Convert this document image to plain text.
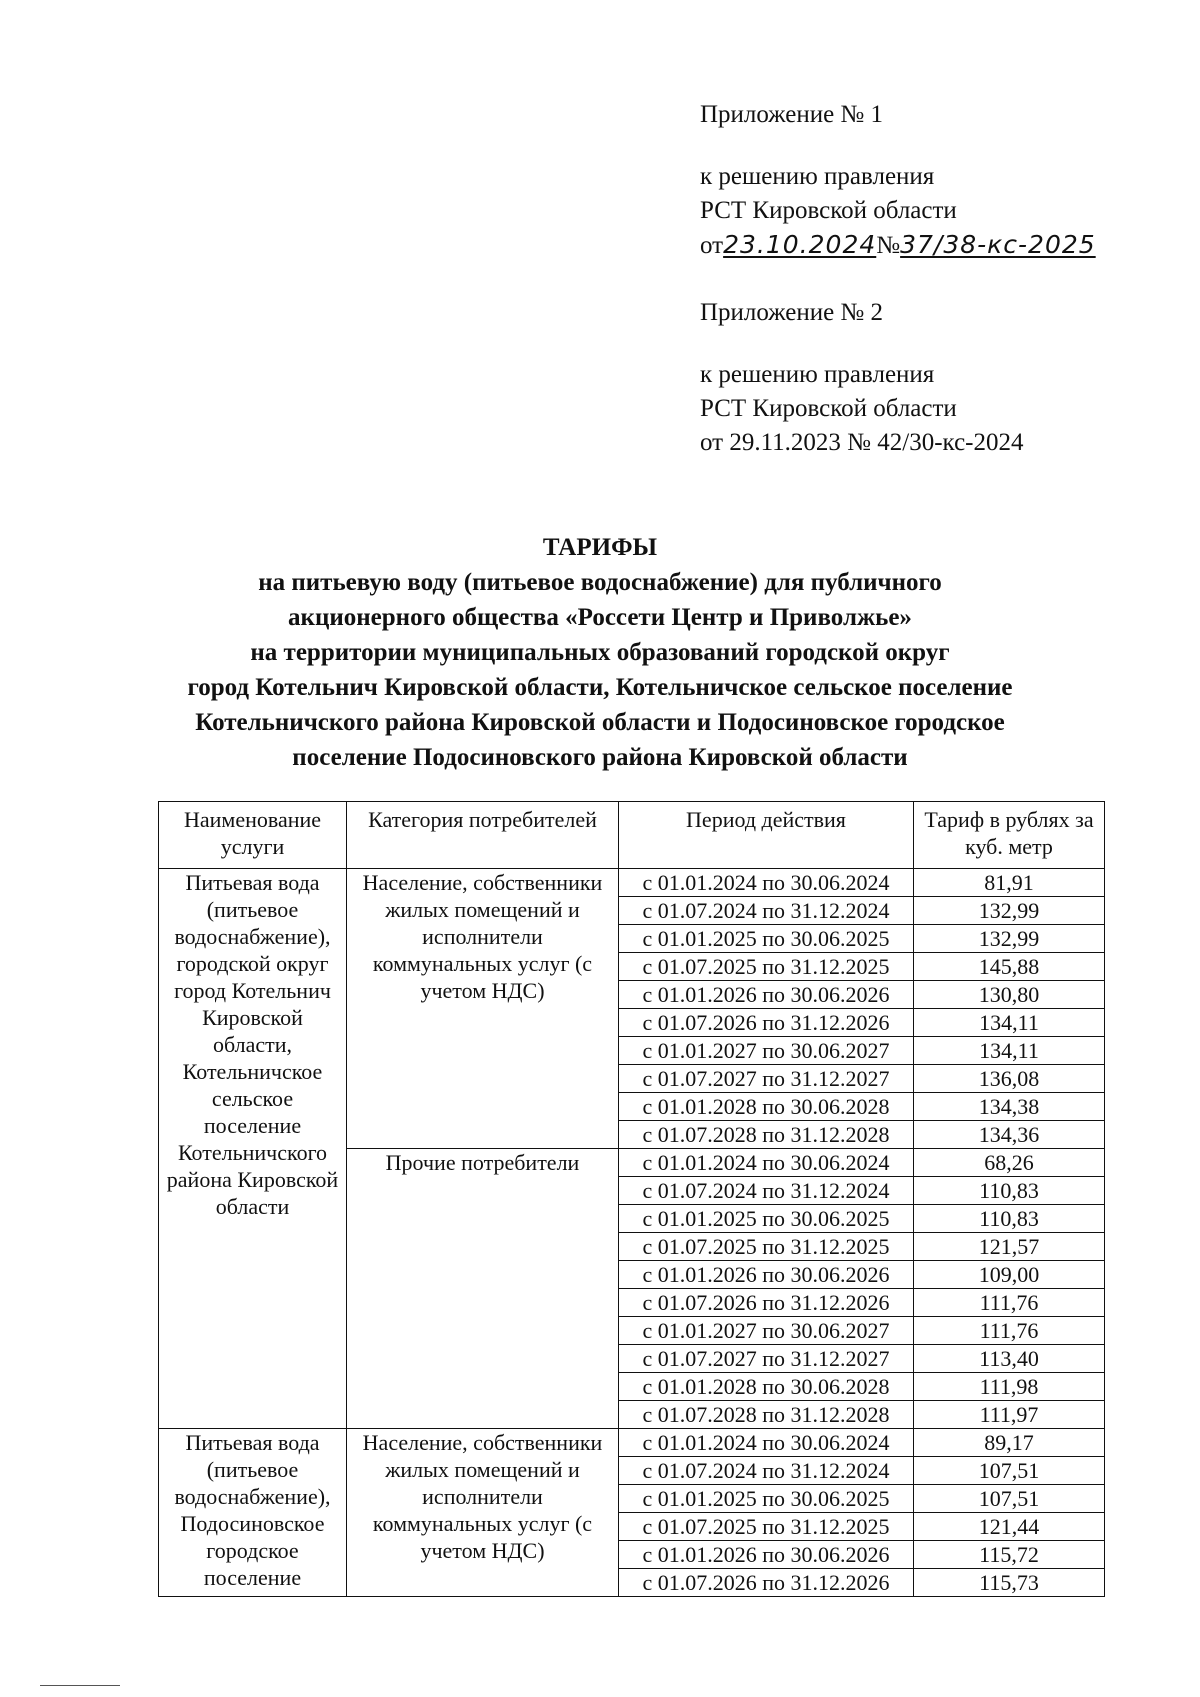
Приложение № 1
к решению правления
РСТ Кировской области
от23.10.2024№37/38-кс-2025
Приложение № 2
к решению правления
РСТ Кировской области
от 29.11.2023 № 42/30-кс-2024
ТАРИФЫ
на питьевую воду (питьевое водоснабжение) для публичного
акционерного общества «Россети Центр и Приволжье»
на территории муниципальных образований городской округ
город Котельнич Кировской области, Котельничское сельское поселение
Котельничского района Кировской области и Подосиновское городское
поселение Подосиновского района Кировской области
Наименование услуги	Категория потребителей	Период действия	Тариф в рублях за куб. метр
Питьевая вода (питьевое водоснабжение), городской округ город Котельнич Кировской области, Котельничское сельское поселение Котельничского района Кировской области	Население, собственники жилых помещений и исполнители коммунальных услуг (с учетом НДС)	с 01.01.2024 по 30.06.2024	81,91
		с 01.07.2024 по 31.12.2024	132,99
		с 01.01.2025 по 30.06.2025	132,99
		с 01.07.2025 по 31.12.2025	145,88
		с 01.01.2026 по 30.06.2026	130,80
		с 01.07.2026 по 31.12.2026	134,11
		с 01.01.2027 по 30.06.2027	134,11
		с 01.07.2027 по 31.12.2027	136,08
		с 01.01.2028 по 30.06.2028	134,38
		с 01.07.2028 по 31.12.2028	134,36
	Прочие потребители	с 01.01.2024 по 30.06.2024	68,26
		с 01.07.2024 по 31.12.2024	110,83
		с 01.01.2025 по 30.06.2025	110,83
		с 01.07.2025 по 31.12.2025	121,57
		с 01.01.2026 по 30.06.2026	109,00
		с 01.07.2026 по 31.12.2026	111,76
		с 01.01.2027 по 30.06.2027	111,76
		с 01.07.2027 по 31.12.2027	113,40
		с 01.01.2028 по 30.06.2028	111,98
		с 01.07.2028 по 31.12.2028	111,97
Питьевая вода (питьевое водоснабжение), Подосиновское городское поселение	Население, собственники жилых помещений и исполнители коммунальных услуг (с учетом НДС)	с 01.01.2024 по 30.06.2024	89,17
		с 01.07.2024 по 31.12.2024	107,51
		с 01.01.2025 по 30.06.2025	107,51
		с 01.07.2025 по 31.12.2025	121,44
		с 01.01.2026 по 30.06.2026	115,72
		с 01.07.2026 по 31.12.2026	115,73
